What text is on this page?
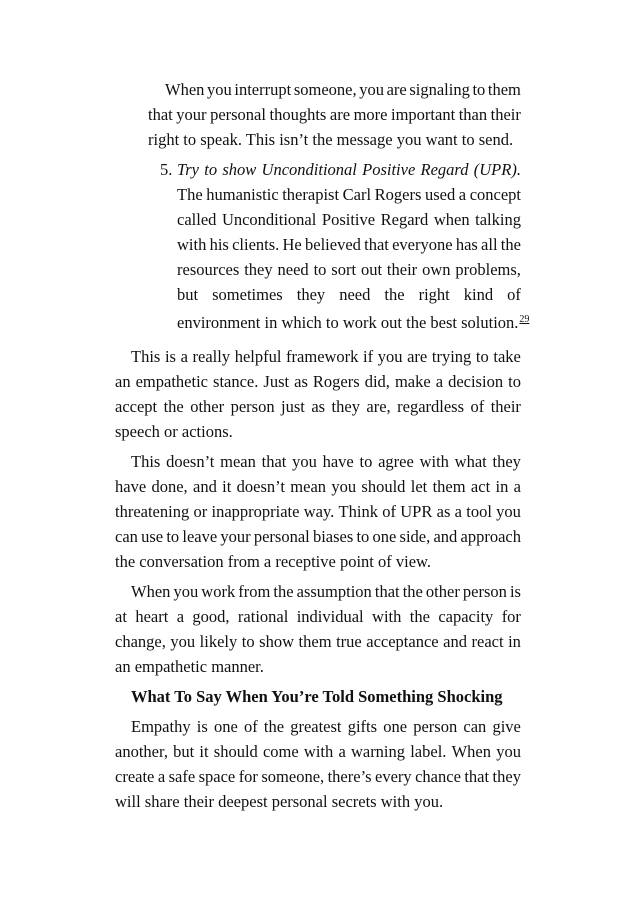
When you interrupt someone, you are signaling to them
that your personal thoughts are more important than their
right to speak. This isn’t the message you want to send.
5. Try to show Unconditional Positive Regard (UPR).
The humanistic therapist Carl Rogers used a concept
called Unconditional Positive Regard when talking
with his clients. He believed that everyone has all the
resources they need to sort out their own problems,
but sometimes they need the right kind of
environment in which to work out the best solution.$^{29}$
This is a really helpful framework if you are trying to take
an empathetic stance. Just as Rogers did, make a decision to
accept the other person just as they are, regardless of their
speech or actions.
This doesn’t mean that you have to agree with what they
have done, and it doesn’t mean you should let them act in a
threatening or inappropriate way. Think of UPR as a tool you
can use to leave your personal biases to one side, and approach
the conversation from a receptive point of view.
When you work from the assumption that the other person is
at heart a good, rational individual with the capacity for
change, you likely to show them true acceptance and react in
an empathetic manner.
What To Say When You’re Told Something Shocking
Empathy is one of the greatest gifts one person can give
another, but it should come with a warning label. When you
create a safe space for someone, there’s every chance that they
will share their deepest personal secrets with you.
